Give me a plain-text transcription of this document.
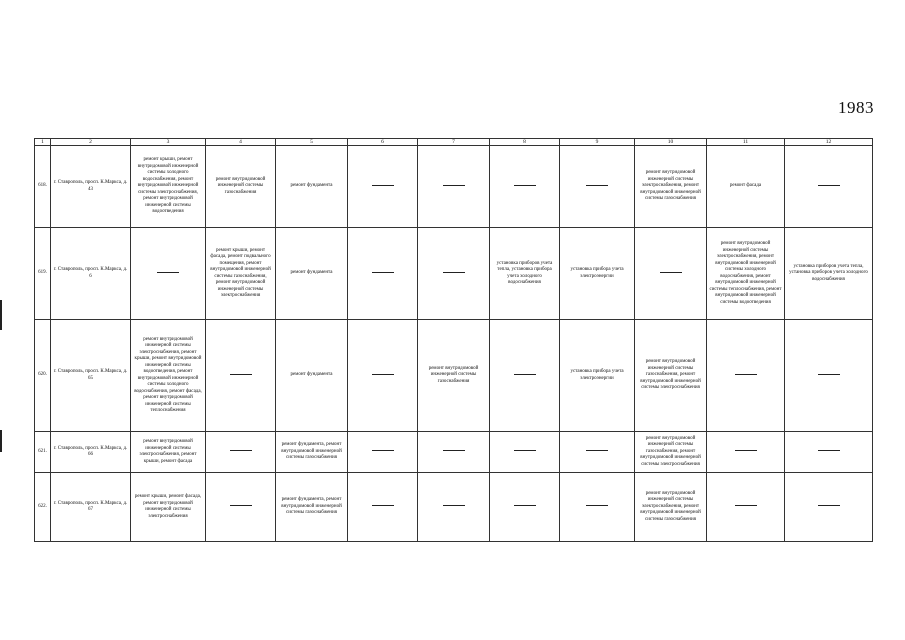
1983
1	2	3	4	5	6	7	8	9	10	11	12
618.	г. Ставрополь, просп. К.Маркса, д. 43	ремонт крыши, ремонт внутридомовой инженерной системы холодного водоснабжения, ремонт внутридомовой инженерной системы электроснабжения, ремонт внутридомовой инженерной системы водоотведения	ремонт внутридомовой инженерной системы газоснабжения	ремонт фундамента					ремонт внутридомовой инженерной системы электроснабжения, ремонт внутридомовой инженерной системы газоснабжения	ремонт фасада	
619.	г. Ставрополь, просп. К.Маркса, д. 6		ремонт крыши, ремонт фасада, ремонт подвального помещения, ремонт внутридомовой инженерной системы газоснабжения, ремонт внутридомовой инженерной системы электроснабжения	ремонт фундамента			установка приборов учета тепла, установка прибора учета холодного водоснабжения	установка прибора учета электроэнергии		ремонт внутридомовой инженерной системы электроснабжения, ремонт внутридомовой инженерной системы холодного водоснабжения, ремонт внутридомовой инженерной системы теплоснабжения, ремонт внутридомовой инженерной системы водоотведения	установка приборов учета тепла, установка приборов учета холодного водоснабжения
620.	г. Ставрополь, просп. К.Маркса, д. 65	ремонт внутридомовой инженерной системы электроснабжения, ремонт крыши, ремонт внутридомовой инженерной системы водоотведения, ремонт внутридомовой инженерной системы холодного водоснабжения, ремонт фасада, ремонт внутридомовой инженерной системы теплоснабжения		ремонт фундамента		ремонт внутридомовой инженерной системы газоснабжения		установка прибора учета электроэнергии	ремонт внутридомовой инженерной системы газоснабжения, ремонт внутридомовой инженерной системы электроснабжения		
621.	г. Ставрополь, просп. К.Маркса, д. 66	ремонт внутридомовой инженерной системы электроснабжения, ремонт крыши, ремонт фасада		ремонт фундамента, ремонт внутридомовой инженерной системы газоснабжения					ремонт внутридомовой инженерной системы газоснабжения, ремонт внутридомовой инженерной системы электроснабжения		
622.	г. Ставрополь, просп. К.Маркса, д. 67	ремонт крыши, ремонт фасада, ремонт внутридомовой инженерной системы электроснабжения		ремонт фундамента, ремонт внутридомовой инженерной системы газоснабжения					ремонт внутридомовой инженерной системы электроснабжения, ремонт внутридомовой инженерной системы газоснабжения		
